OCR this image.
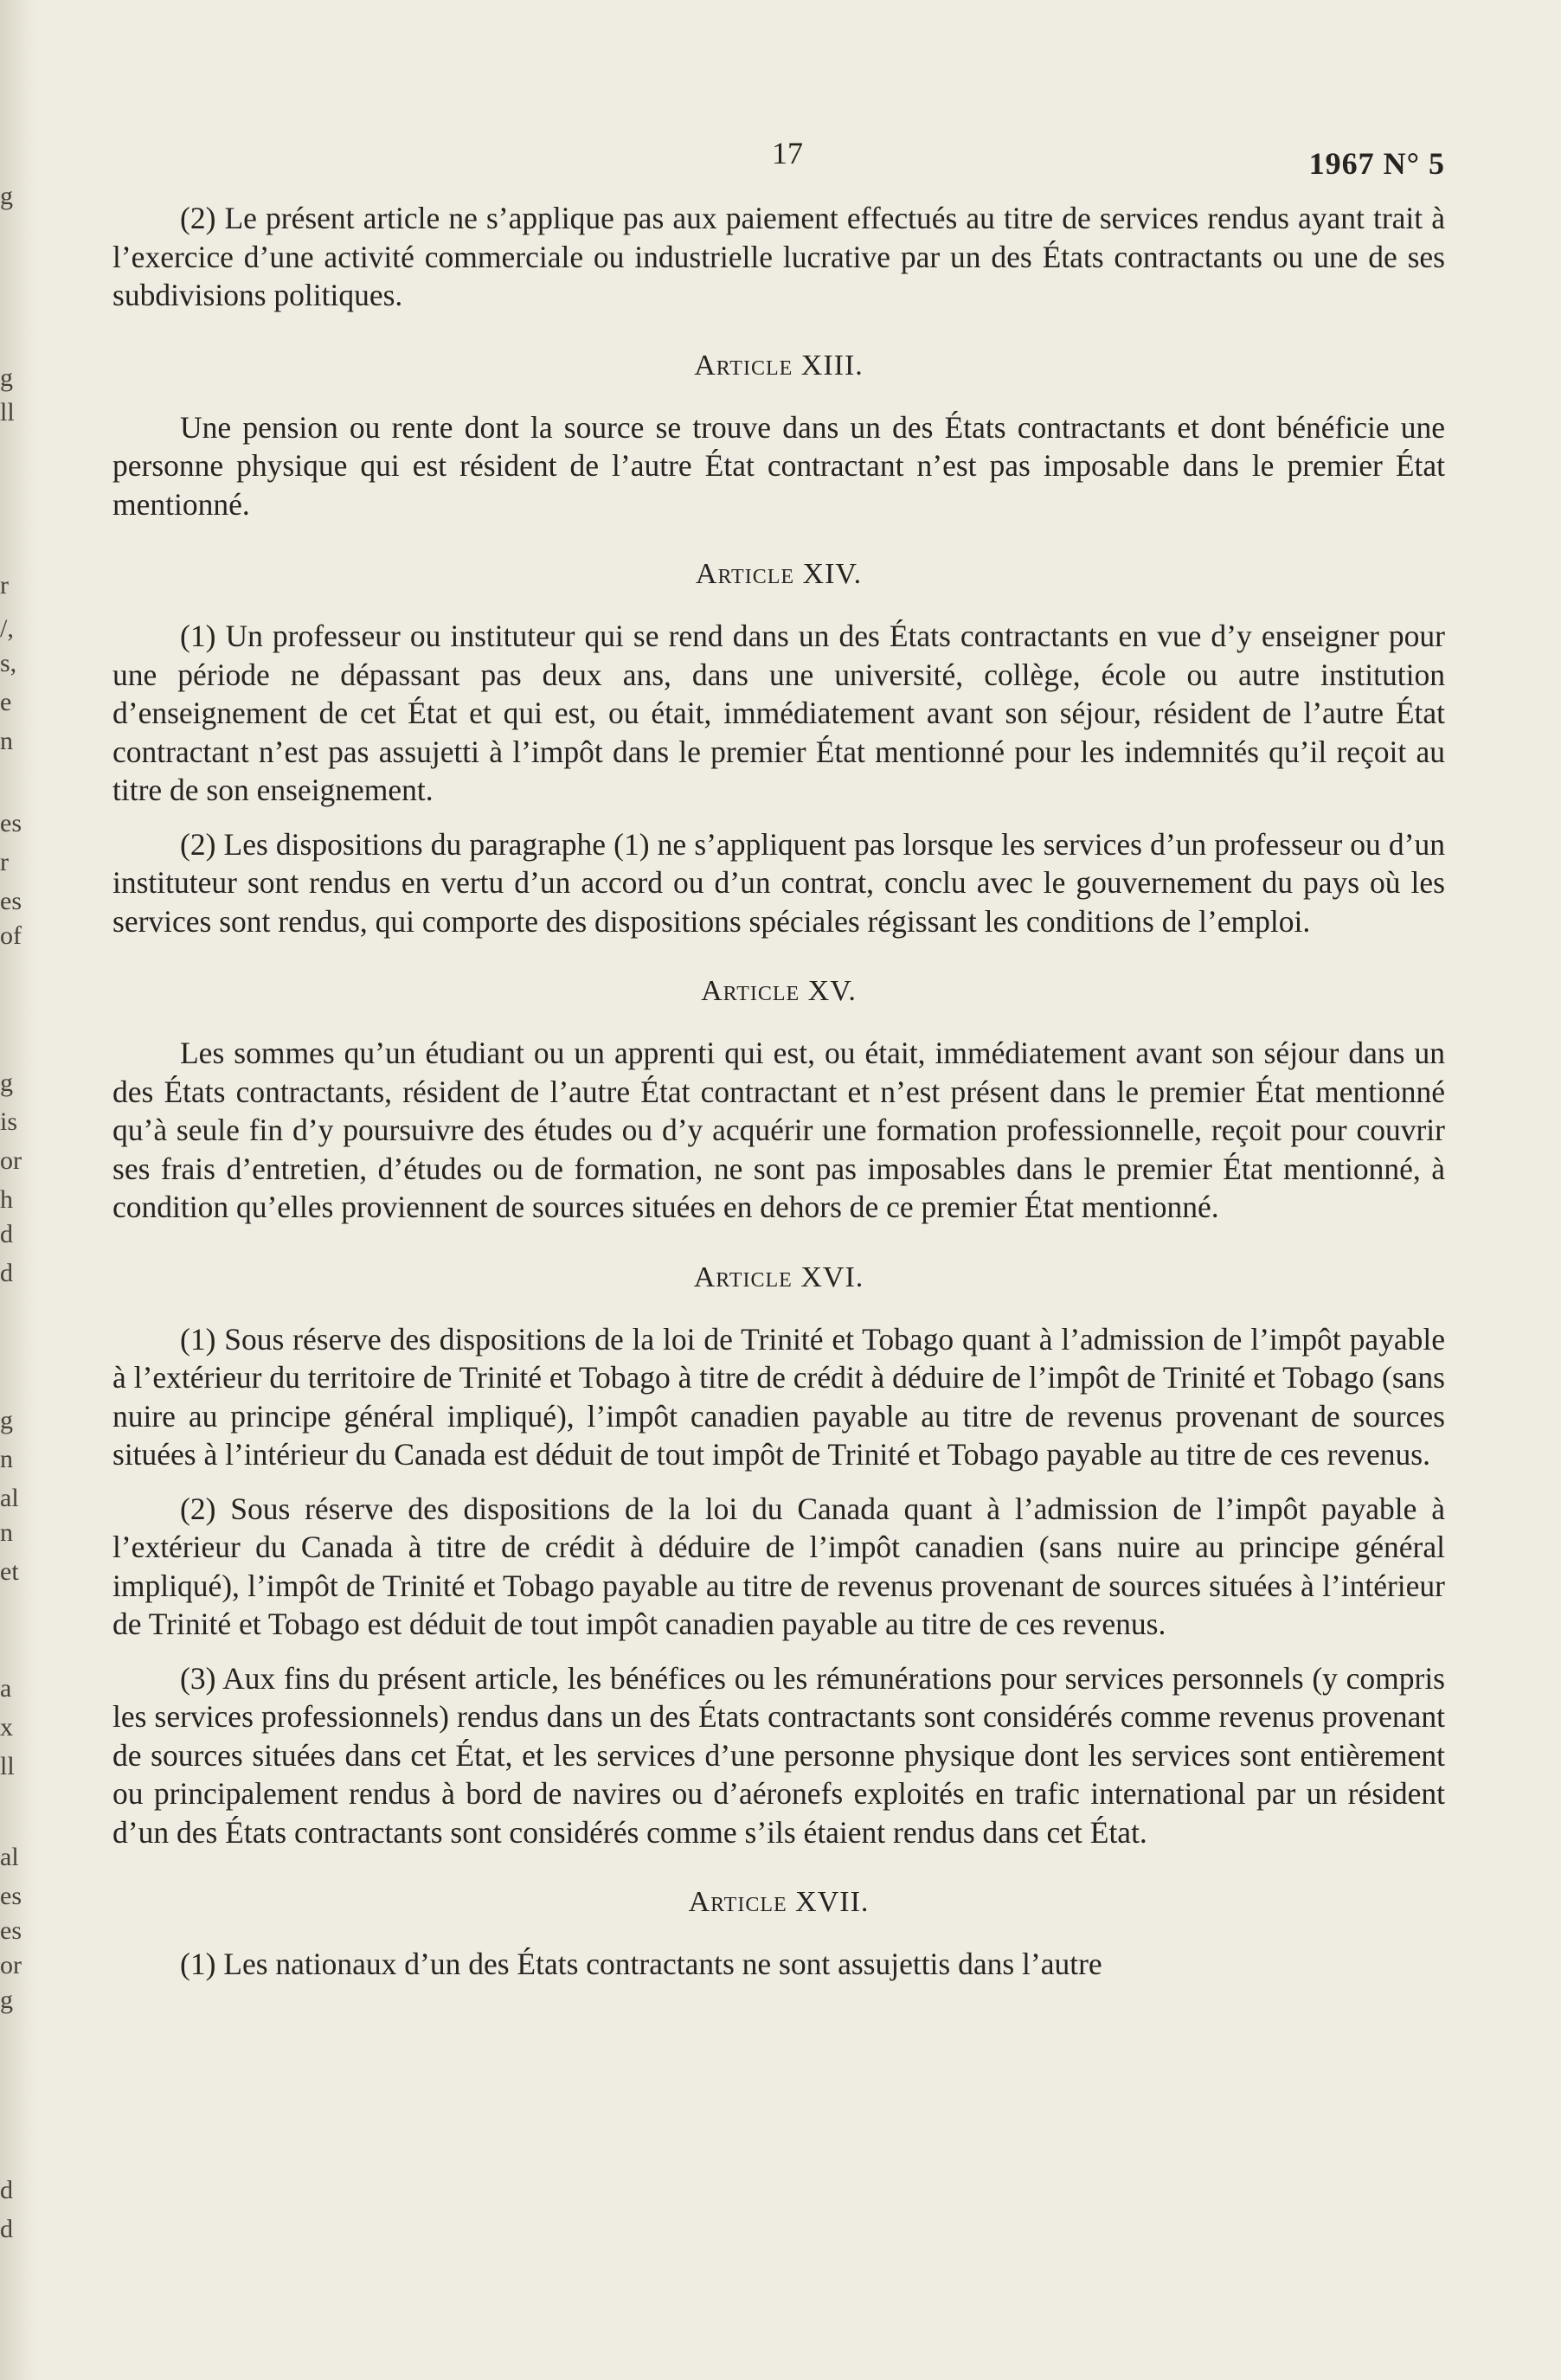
g
g
ll
r
/,
s,
e
n
es
r
es
of
g
is
or
h
d
d
g
n
al
n
et
a
x
ll
al
es
es
or
g
d
d
17	1967 N° 5

(2) Le présent article ne s’applique pas aux paiement effectués au titre de services rendus ayant trait à l’exercice d’une activité commerciale ou industrielle lucrative par un des États contractants ou une de ses subdivisions politiques.

Article XIII.

Une pension ou rente dont la source se trouve dans un des États contractants et dont bénéficie une personne physique qui est résident de l’autre État contractant n’est pas imposable dans le premier État mentionné.

Article XIV.

(1) Un professeur ou instituteur qui se rend dans un des États contractants en vue d’y enseigner pour une période ne dépassant pas deux ans, dans une université, collège, école ou autre institution d’enseignement de cet État et qui est, ou était, immédiatement avant son séjour, résident de l’autre État contractant n’est pas assujetti à l’impôt dans le premier État mentionné pour les indemnités qu’il reçoit au titre de son enseignement.

(2) Les dispositions du paragraphe (1) ne s’appliquent pas lorsque les services d’un professeur ou d’un instituteur sont rendus en vertu d’un accord ou d’un contrat, conclu avec le gouvernement du pays où les services sont rendus, qui comporte des dispositions spéciales régissant les conditions de l’emploi.

Article XV.

Les sommes qu’un étudiant ou un apprenti qui est, ou était, immédiatement avant son séjour dans un des États contractants, résident de l’autre État contractant et n’est présent dans le premier État mentionné qu’à seule fin d’y poursuivre des études ou d’y acquérir une formation professionnelle, reçoit pour couvrir ses frais d’entretien, d’études ou de formation, ne sont pas imposables dans le premier État mentionné, à condition qu’elles proviennent de sources situées en dehors de ce premier État mentionné.

Article XVI.

(1) Sous réserve des dispositions de la loi de Trinité et Tobago quant à l’admission de l’impôt payable à l’extérieur du territoire de Trinité et Tobago à titre de crédit à déduire de l’impôt de Trinité et Tobago (sans nuire au principe général impliqué), l’impôt canadien payable au titre de revenus provenant de sources situées à l’intérieur du Canada est déduit de tout impôt de Trinité et Tobago payable au titre de ces revenus.

(2) Sous réserve des dispositions de la loi du Canada quant à l’admission de l’impôt payable à l’extérieur du Canada à titre de crédit à déduire de l’impôt canadien (sans nuire au principe général impliqué), l’impôt de Trinité et Tobago payable au titre de revenus provenant de sources situées à l’intérieur de Trinité et Tobago est déduit de tout impôt canadien payable au titre de ces revenus.

(3) Aux fins du présent article, les bénéfices ou les rémunérations pour services personnels (y compris les services professionnels) rendus dans un des États contractants sont considérés comme revenus provenant de sources situées dans cet État, et les services d’une personne physique dont les services sont entièrement ou principalement rendus à bord de navires ou d’aéronefs exploités en trafic international par un résident d’un des États contractants sont considérés comme s’ils étaient rendus dans cet État.

Article XVII.

(1) Les nationaux d’un des États contractants ne sont assujettis dans l’autre
